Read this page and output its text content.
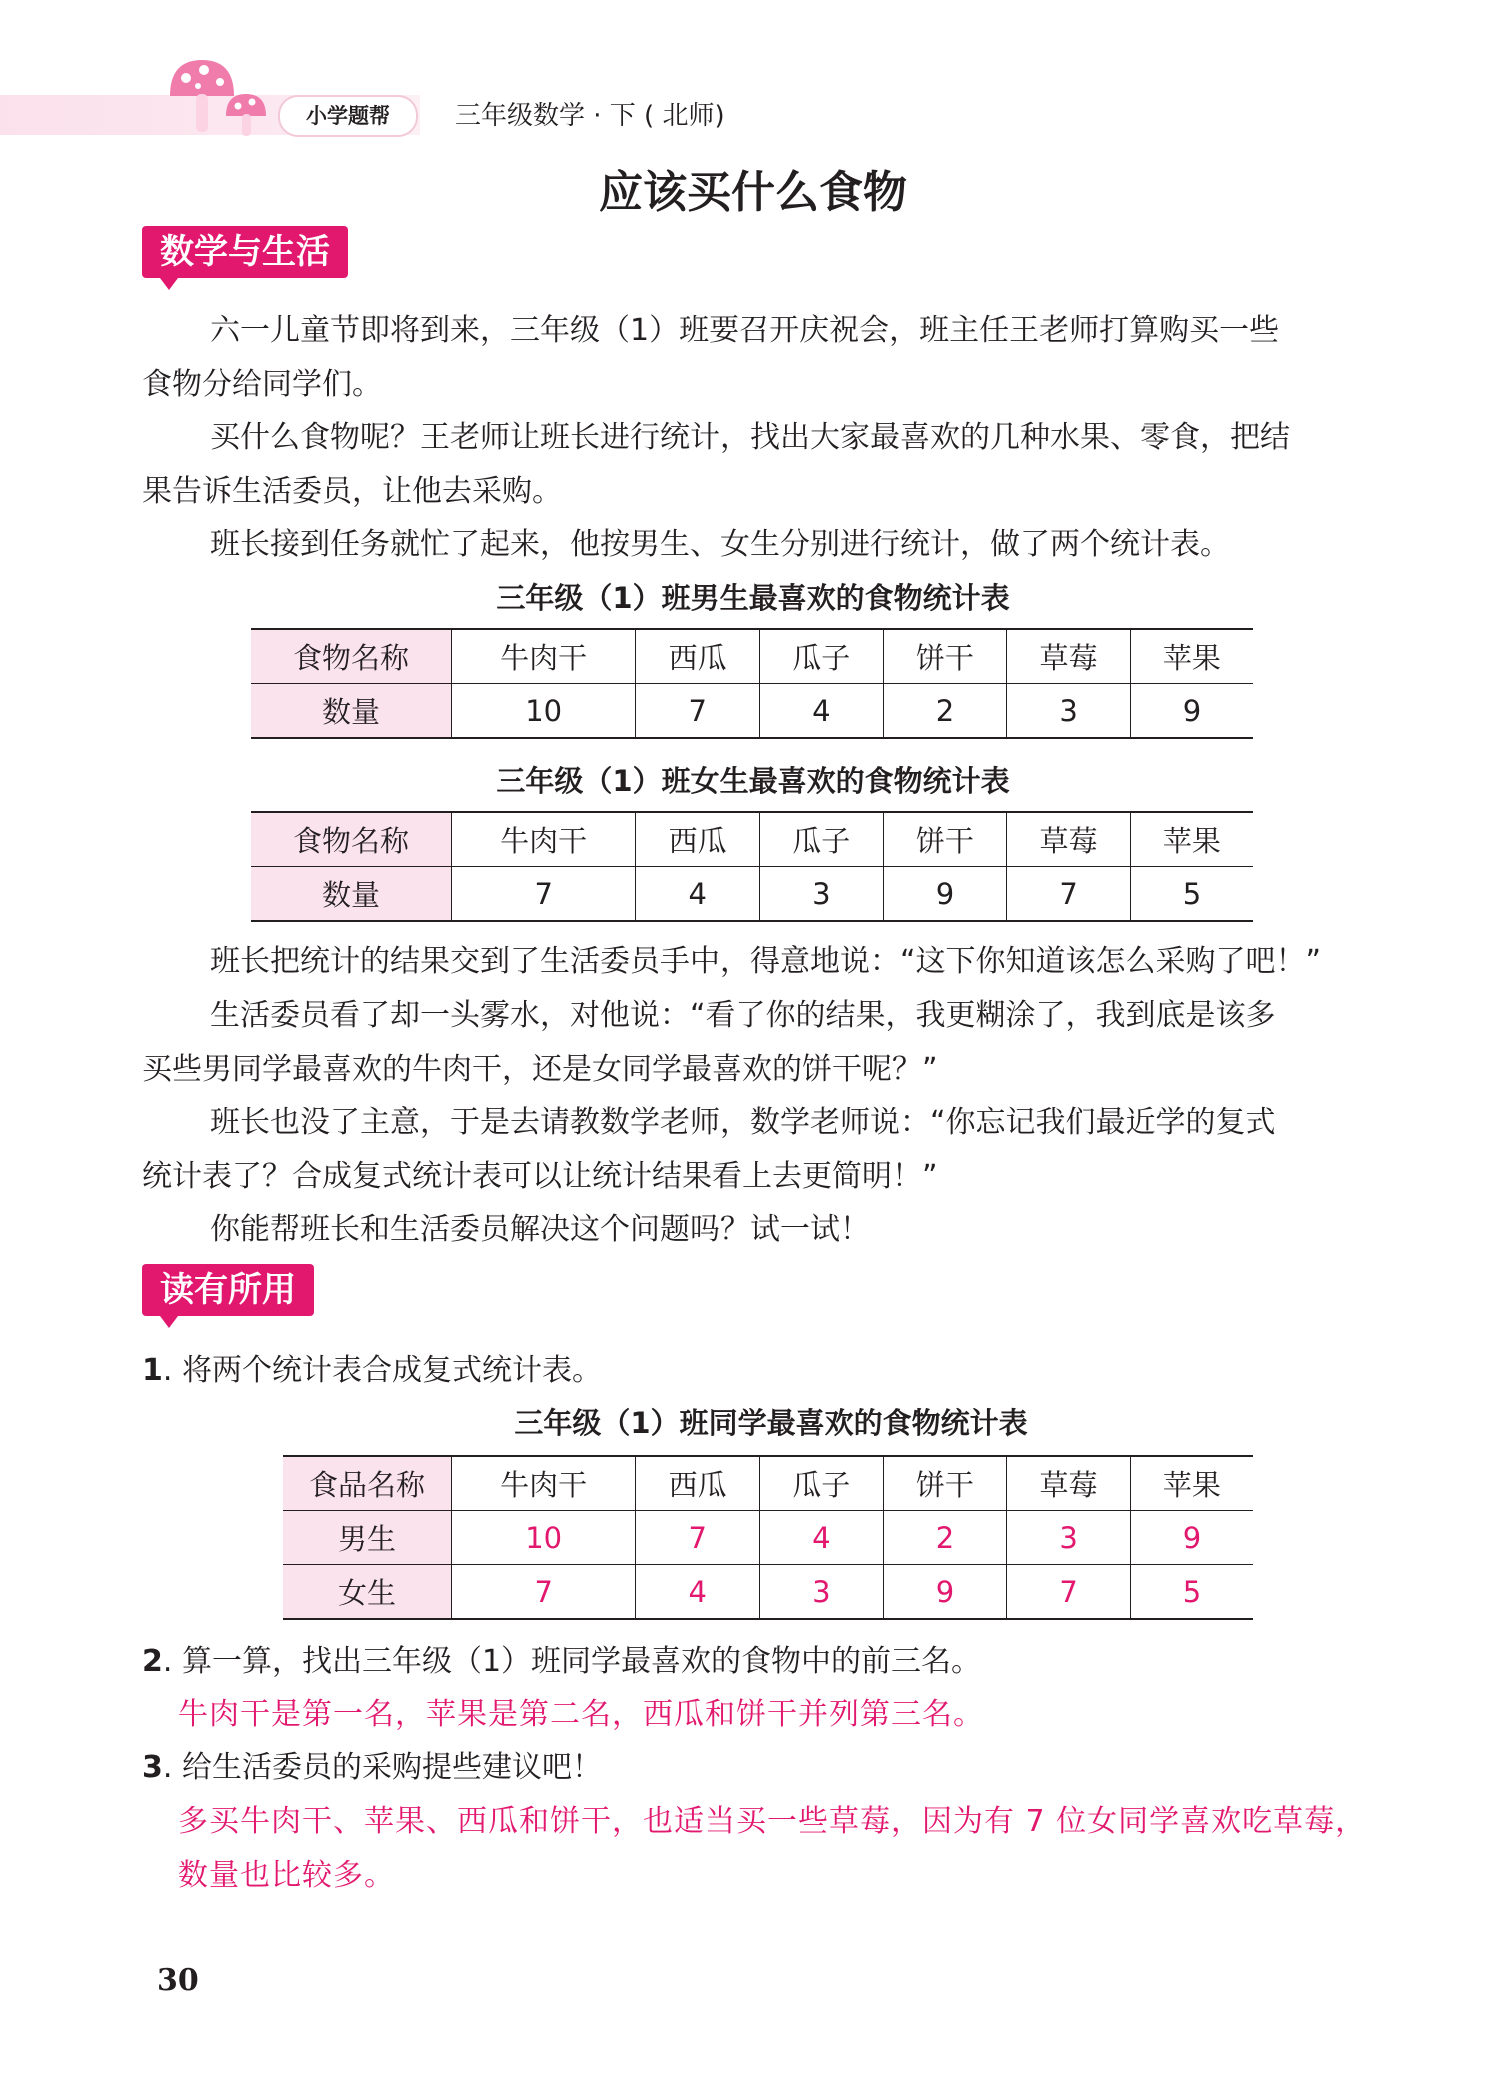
小学题帮	三年级数学 · 下 ( 北师)
应该买什么食物
数学与生活
六一儿童节即将到来，三年级（1）班要召开庆祝会，班主任王老师打算购买一些
食物分给同学们。
买什么食物呢？王老师让班长进行统计，找出大家最喜欢的几种水果、零食，把结
果告诉生活委员，让他去采购。
班长接到任务就忙了起来，他按男生、女生分别进行统计，做了两个统计表。
三年级（1）班男生最喜欢的食物统计表
食物名称	牛肉干	西瓜	瓜子	饼干	草莓	苹果
数量	10	7	4	2	3	9
三年级（1）班女生最喜欢的食物统计表
食物名称	牛肉干	西瓜	瓜子	饼干	草莓	苹果
数量	7	4	3	9	7	5
班长把统计的结果交到了生活委员手中，得意地说：“这下你知道该怎么采购了吧！”
生活委员看了却一头雾水，对他说：“看了你的结果，我更糊涂了，我到底是该多
买些男同学最喜欢的牛肉干，还是女同学最喜欢的饼干呢？”
班长也没了主意，于是去请教数学老师，数学老师说：“你忘记我们最近学的复式
统计表了？合成复式统计表可以让统计结果看上去更简明！”
你能帮班长和生活委员解决这个问题吗？试一试！
读有所用
1. 将两个统计表合成复式统计表。
三年级（1）班同学最喜欢的食物统计表
食品名称	牛肉干	西瓜	瓜子	饼干	草莓	苹果
男生	10	7	4	2	3	9
女生	7	4	3	9	7	5
2. 算一算，找出三年级（1）班同学最喜欢的食物中的前三名。
牛肉干是第一名，苹果是第二名，西瓜和饼干并列第三名。
3. 给生活委员的采购提些建议吧！
多买牛肉干、苹果、西瓜和饼干，也适当买一些草莓，因为有 7 位女同学喜欢吃草莓，
数量也比较多。
30
